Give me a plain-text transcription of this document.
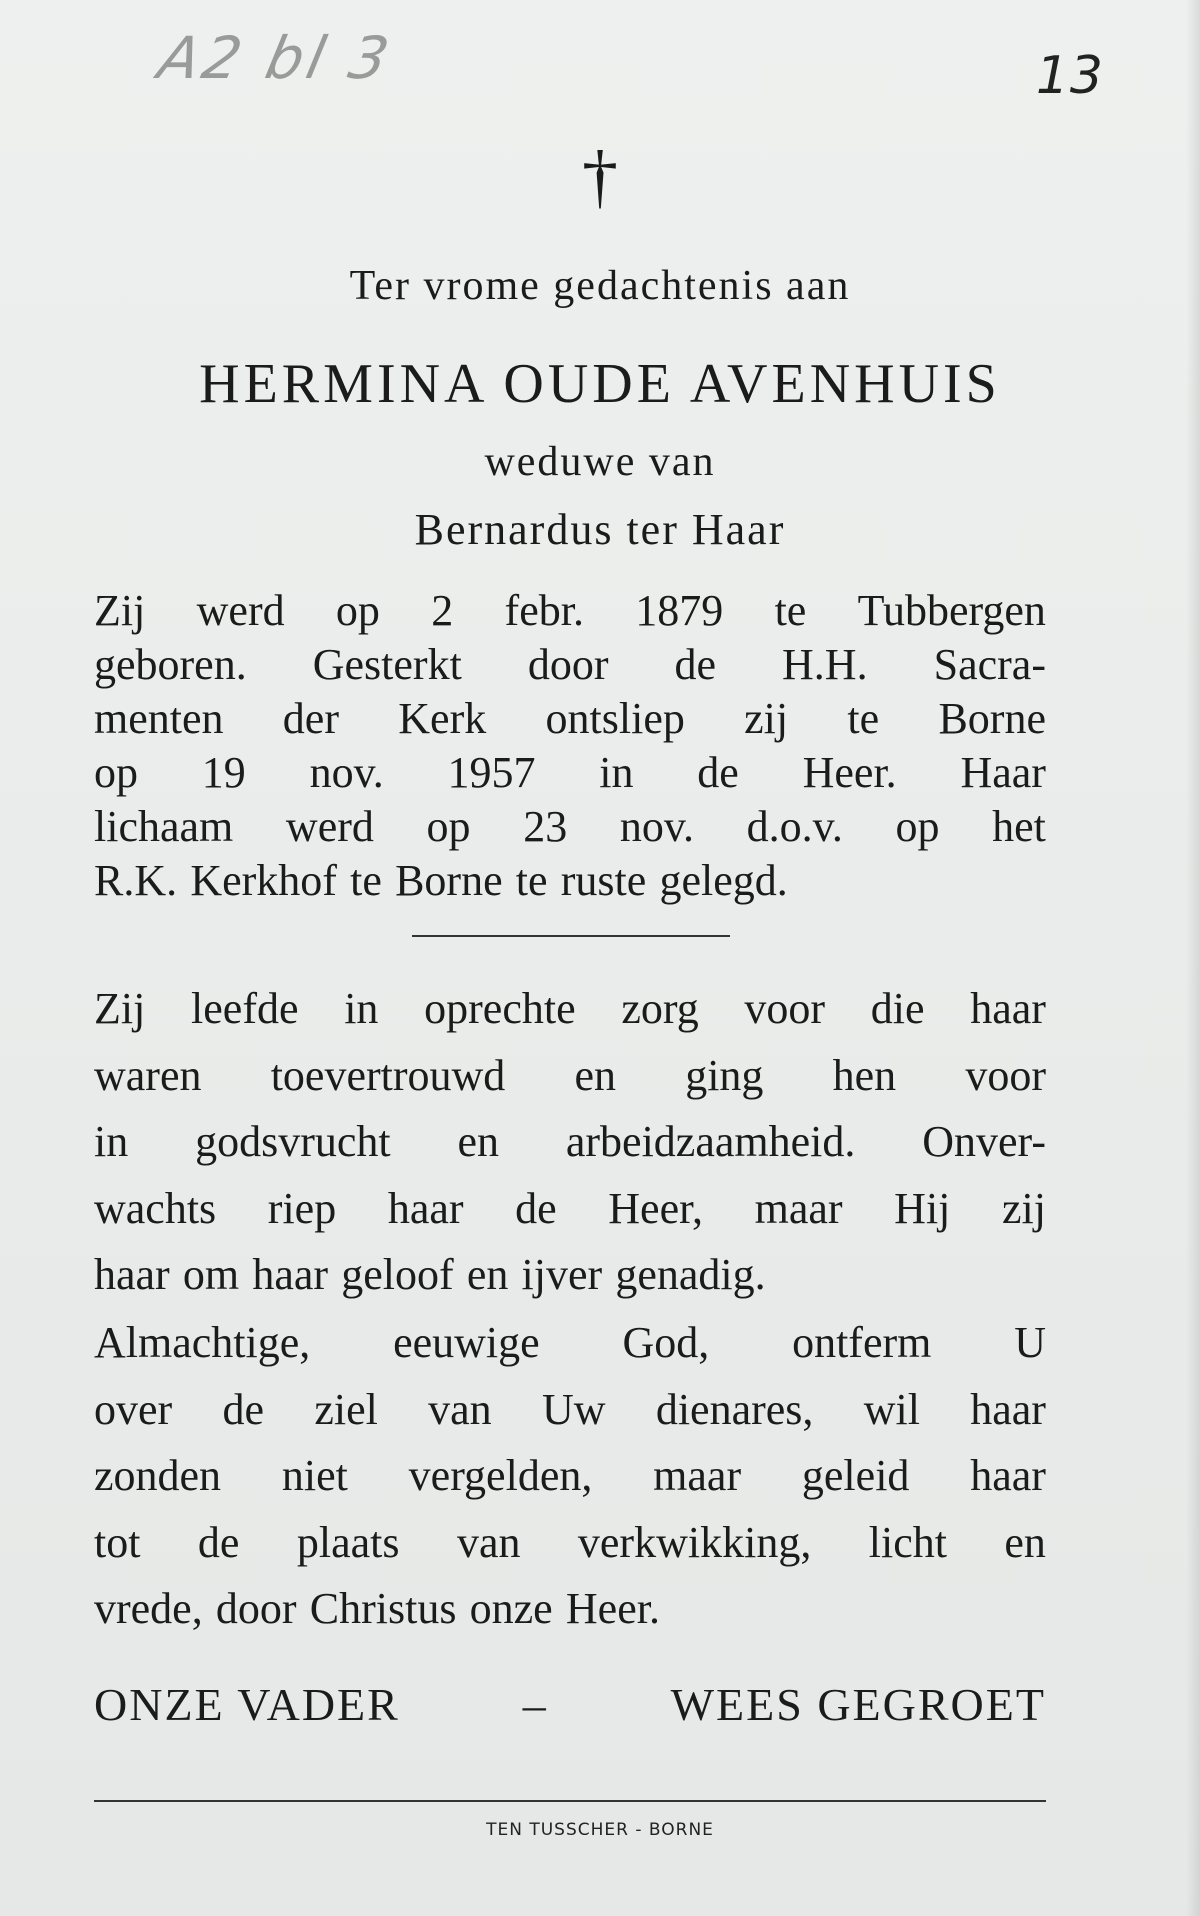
A2 bl 3	13
†
Ter vrome gedachtenis aan
HERMINA OUDE AVENHUIS
weduwe van
Bernardus ter Haar
Zij werd op 2 febr. 1879 te Tubbergen
geboren. Gesterkt door de H.H. Sacra-
menten der Kerk ontsliep zij te Borne
op 19 nov. 1957 in de Heer. Haar
lichaam werd op 23 nov. d.o.v. op het
R.K. Kerkhof te Borne te ruste gelegd.
Zij leefde in oprechte zorg voor die haar
waren toevertrouwd en ging hen voor
in godsvrucht en arbeidzaamheid. Onver-
wachts riep haar de Heer, maar Hij zij
haar om haar geloof en ijver genadig.
Almachtige, eeuwige God, ontferm U
over de ziel van Uw dienares, wil haar
zonden niet vergelden, maar geleid haar
tot de plaats van verkwikking, licht en
vrede, door Christus onze Heer.
ONZE VADER	–	WEES GEGROET
TEN TUSSCHER - BORNE
